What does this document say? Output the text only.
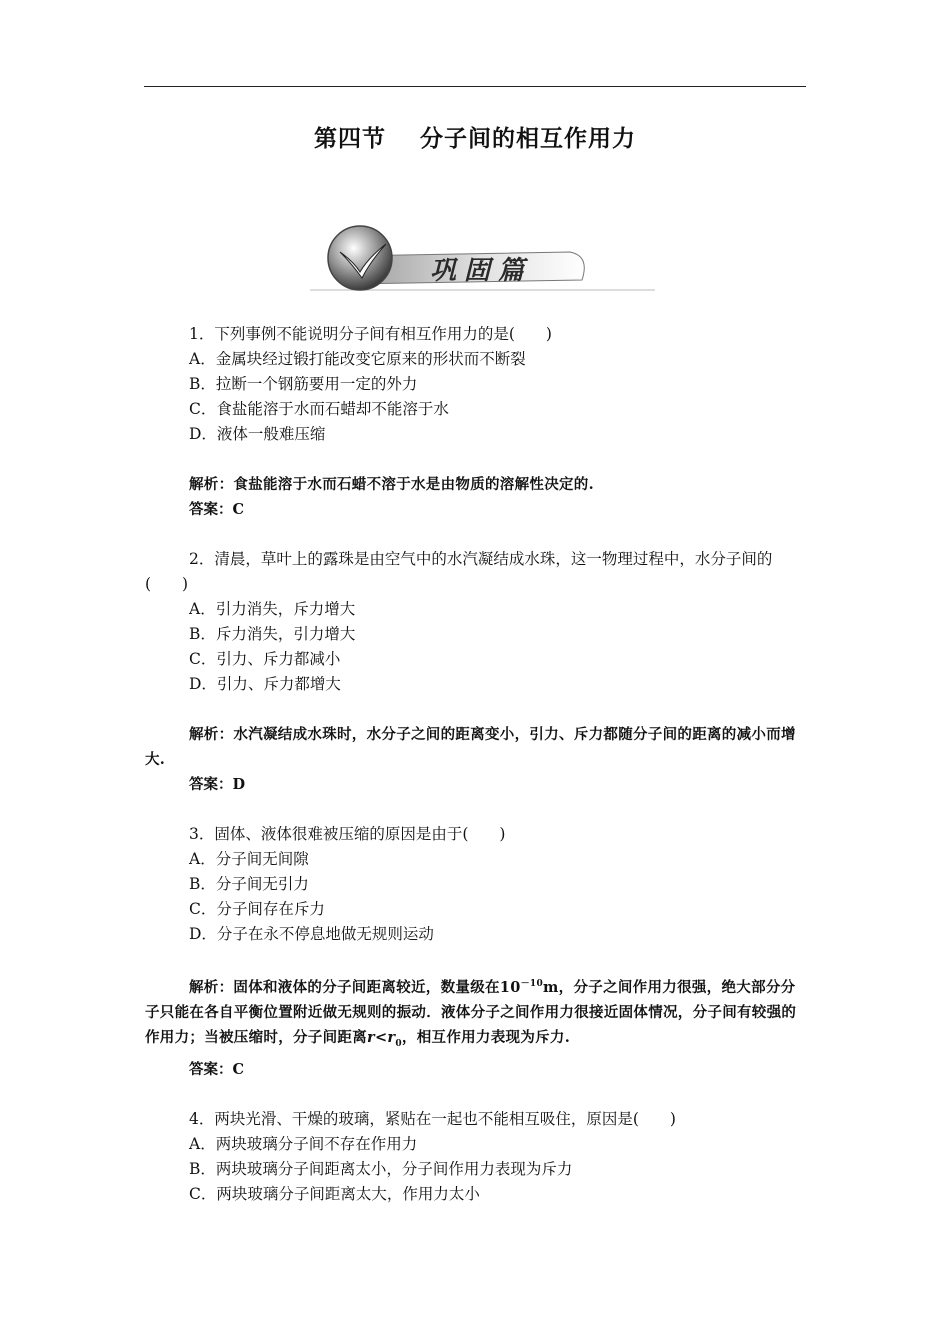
第四节 分子间的相互作用力
巩固篇

1．下列事例不能说明分子间有相互作用力的是(　　)

A．金属块经过锻打能改变它原来的形状而不断裂

B．拉断一个钢筋要用一定的外力

C．食盐能溶于水而石蜡却不能溶于水

D．液体一般难压缩

解析：食盐能溶于水而石蜡不溶于水是由物质的溶解性决定的.

答案：C

2．清晨，草叶上的露珠是由空气中的水汽凝结成水珠，这一物理过程中，水分子间的(　　)

A．引力消失，斥力增大

B．斥力消失，引力增大

C．引力、斥力都减小

D．引力、斥力都增大

解析：水汽凝结成水珠时，水分子之间的距离变小，引力、斥力都随分子间的距离的减小而增大.

答案：D

3．固体、液体很难被压缩的原因是由于(　　)

A．分子间无间隙

B．分子间无引力

C．分子间存在斥力

D．分子在永不停息地做无规则运动

解析：固体和液体的分子间距离较近，数量级在$10^{-10}m$，分子之间作用力很强，绝大部分分子只能在各自平衡位置附近做无规则的振动．液体分子之间作用力很接近固体情况，分子间有较强的作用力；当被压缩时，分子间距离$r<r_0$，相互作用力表现为斥力.

答案：C

4．两块光滑、干燥的玻璃，紧贴在一起也不能相互吸住，原因是(　　)

A．两块玻璃分子间不存在作用力

B．两块玻璃分子间距离太小，分子间作用力表现为斥力

C．两块玻璃分子间距离太大，作用力太小
